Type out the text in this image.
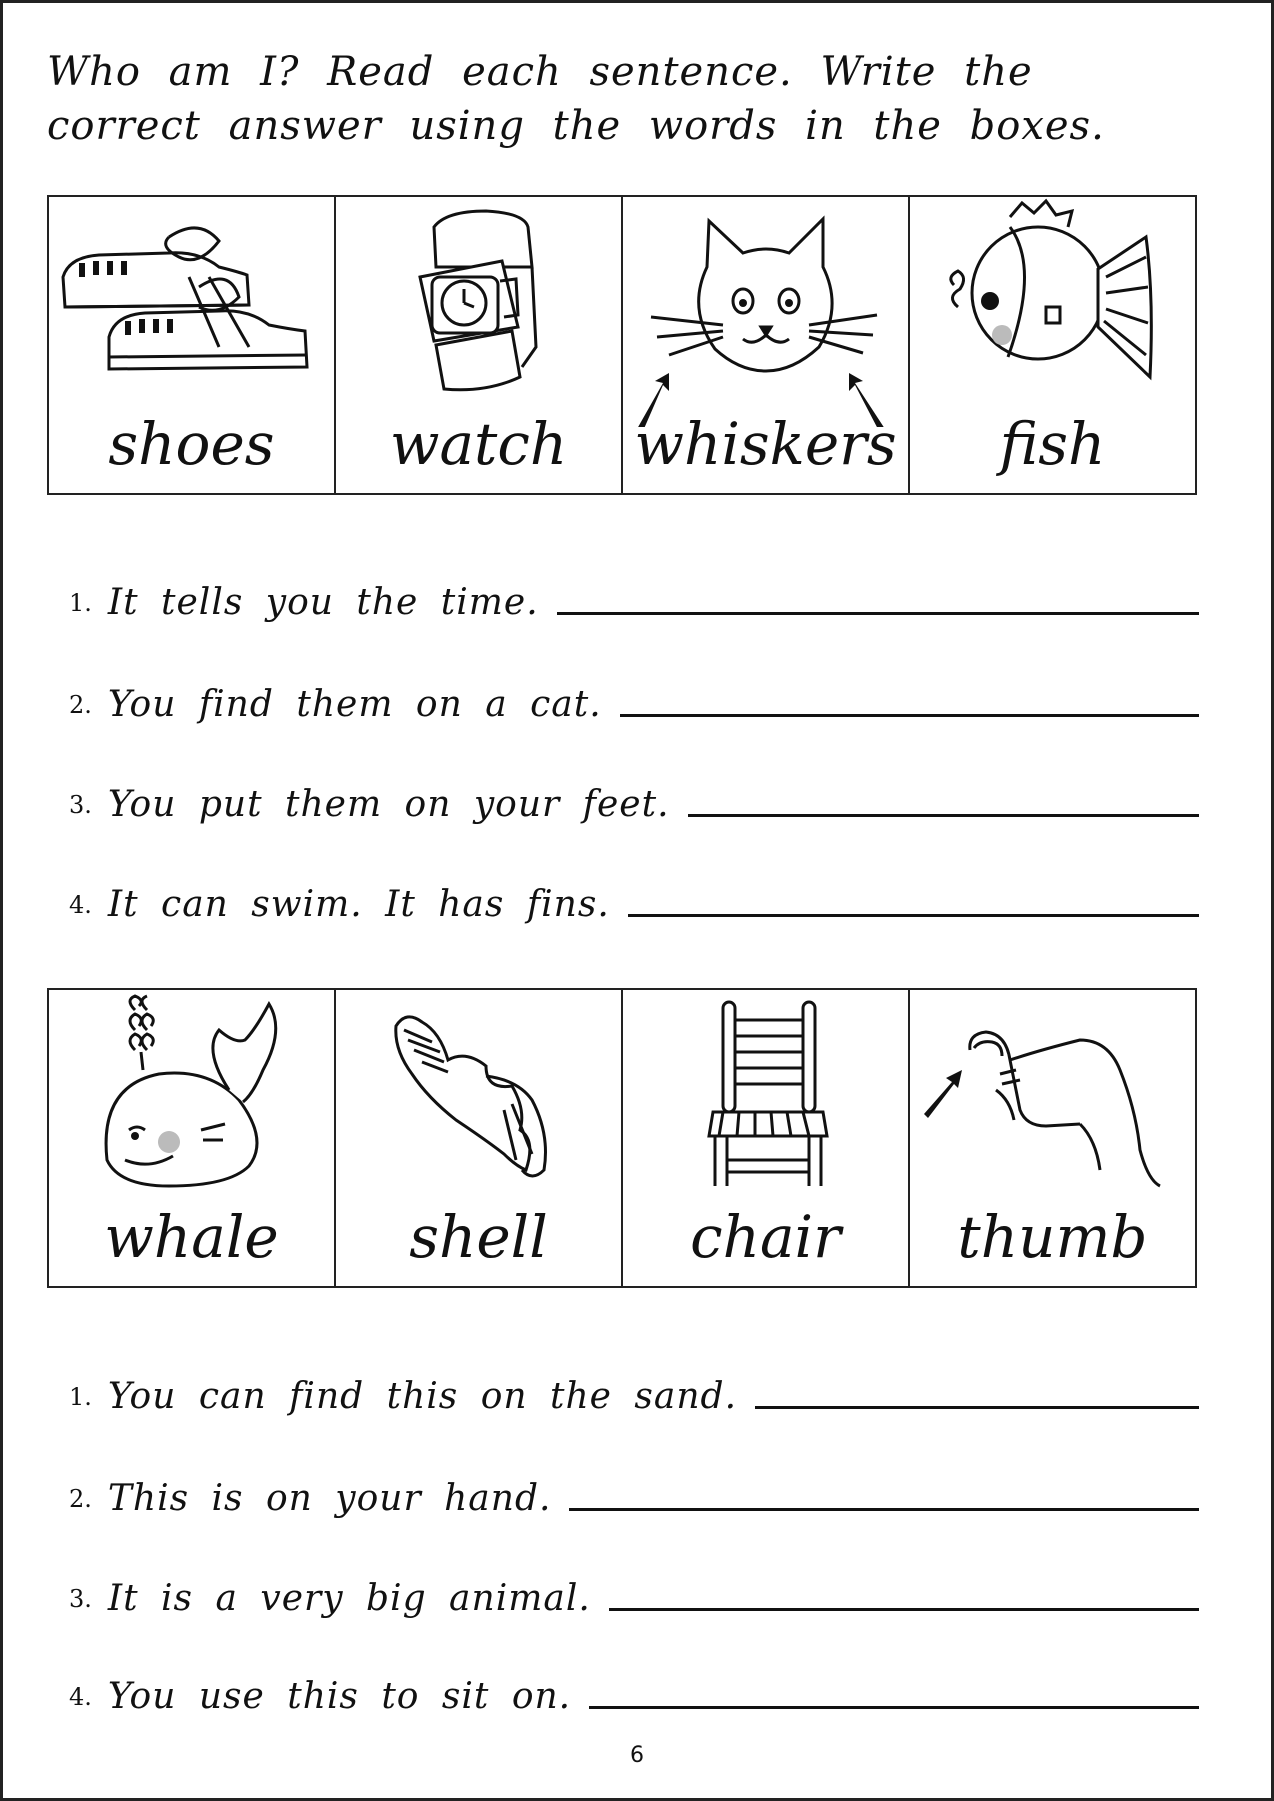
Who am I? Read each sentence. Write the correct answer using the words in the boxes.

shoes	watch	whiskers	fish
1. It tells you the time.
2. You find them on a cat.
3. You put them on your feet.
4. It can swim. It has fins.
whale	shell	chair	thumb
1. You can find this on the sand.
2. This is on your hand.
3. It is a very big animal.
4. You use this to sit on.
6
